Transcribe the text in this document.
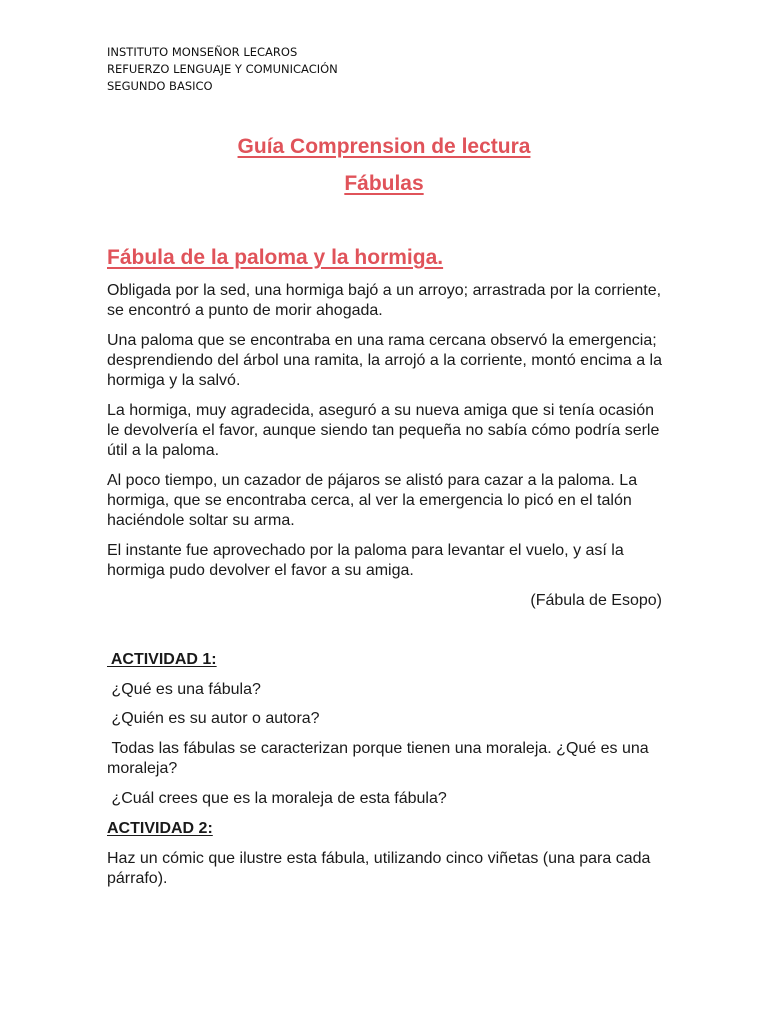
INSTITUTO MONSEÑOR LECAROS
REFUERZO LENGUAJE Y COMUNICACIÓN
SEGUNDO BASICO
Guía Comprension de lectura
Fábulas
Fábula de la paloma y la hormiga.
Obligada por la sed, una hormiga bajó a un arroyo; arrastrada por la corriente, se encontró a punto de morir ahogada.
Una paloma que se encontraba en una rama cercana observó la emergencia; desprendiendo del árbol una ramita, la arrojó a la corriente, montó encima a la hormiga y la salvó.
La hormiga, muy agradecida, aseguró a su nueva amiga que si tenía ocasión le devolvería el favor, aunque siendo tan pequeña no sabía cómo podría serle útil a la paloma.
Al poco tiempo, un cazador de pájaros se alistó para cazar a la paloma. La hormiga, que se encontraba cerca, al ver la emergencia lo picó en el talón haciéndole soltar su arma.
El instante fue aprovechado por la paloma para levantar el vuelo, y así la hormiga pudo devolver el favor a su amiga.
(Fábula de Esopo)
ACTIVIDAD 1:
¿Qué es una fábula?
¿Quién es su autor o autora?
Todas las fábulas se caracterizan porque tienen una moraleja. ¿Qué es una moraleja?
¿Cuál crees que es la moraleja de esta fábula?
ACTIVIDAD 2:
Haz un cómic que ilustre esta fábula, utilizando cinco viñetas (una para cada párrafo).
